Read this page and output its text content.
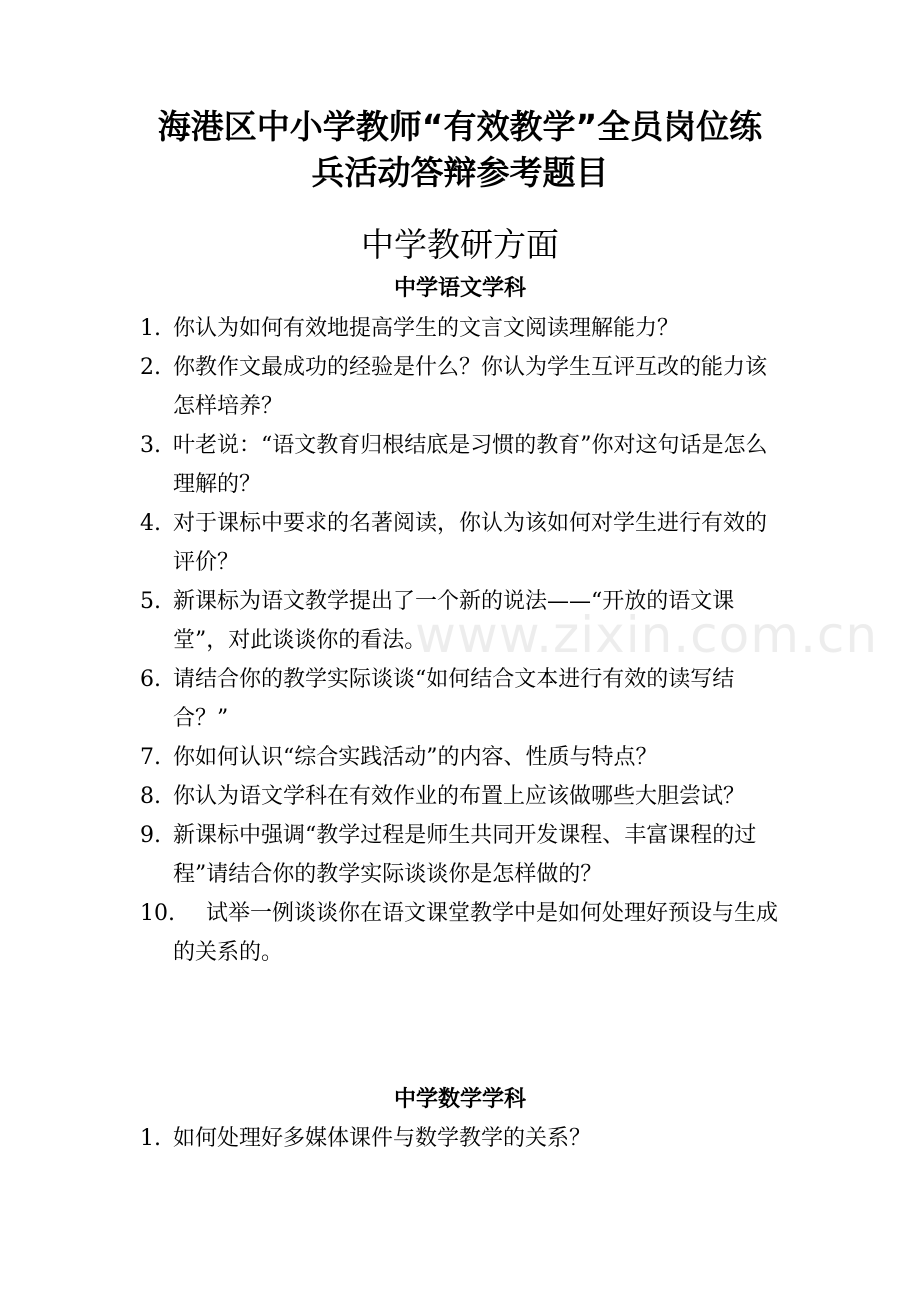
海港区中小学教师“有效教学”全员岗位练
兵活动答辩参考题目
中学教研方面
中学语文学科
1. 你认为如何有效地提高学生的文言文阅读理解能力？
2. 你教作文最成功的经验是什么？你认为学生互评互改的能力该怎样培养？
3. 叶老说：“语文教育归根结底是习惯的教育”你对这句话是怎么理解的？
4. 对于课标中要求的名著阅读，你认为该如何对学生进行有效的评价？
5. 新课标为语文教学提出了一个新的说法——“开放的语文课堂”，对此谈谈你的看法。
6. 请结合你的教学实际谈谈“如何结合文本进行有效的读写结合？”
7. 你如何认识“综合实践活动”的内容、性质与特点？
8. 你认为语文学科在有效作业的布置上应该做哪些大胆尝试？
9. 新课标中强调“教学过程是师生共同开发课程、丰富课程的过程”请结合你的教学实际谈谈你是怎样做的？
10.	试举一例谈谈你在语文课堂教学中是如何处理好预设与生成的关系的。
中学数学学科
1. 如何处理好多媒体课件与数学教学的关系？
www.zixin.com.cn
